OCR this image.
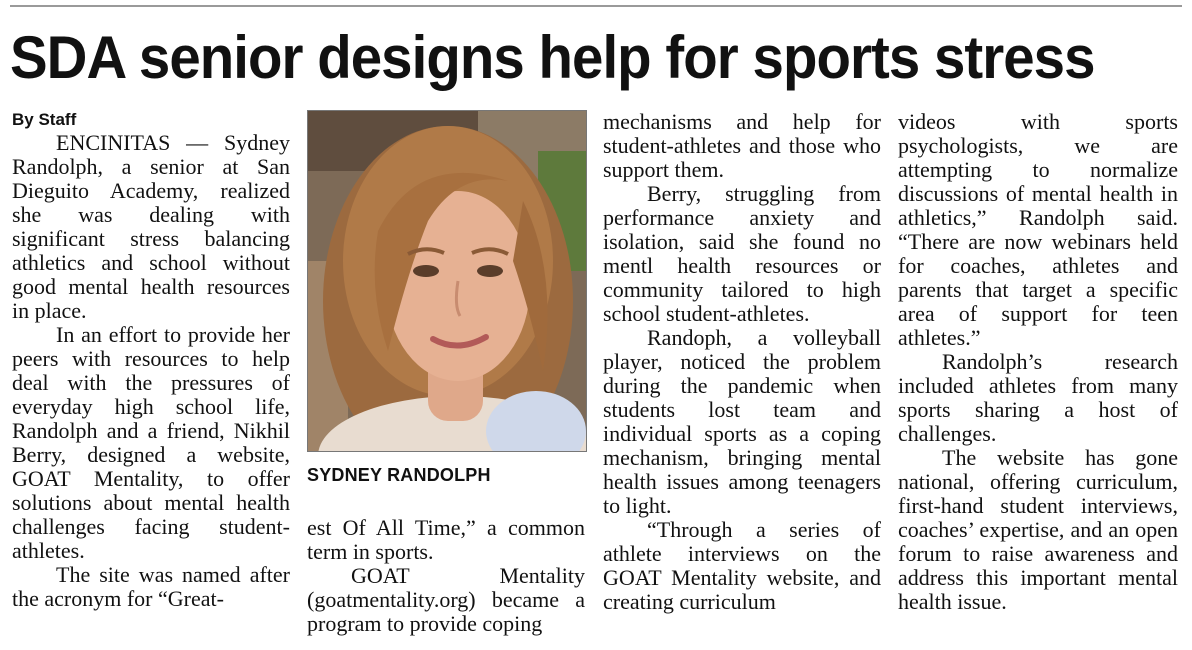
SDA senior designs help for sports stress
By Staff

ENCINITAS — Sydney Randolph, a senior at San Dieguito Academy, realized she was dealing with significant stress balancing athletics and school without good mental health resources in place.

In an effort to provide her peers with resources to help deal with the pressures of everyday high school life, Randolph and a friend, Nikhil Berry, designed a website, GOAT Mentality, to offer solutions about mental health challenges facing student-athletes.

The site was named after the acronym for “Great-

SYDNEY RANDOLPH

est Of All Time,” a common term in sports.

GOAT Mentality (goatmentality.org) became a program to provide coping

mechanisms and help for student-athletes and those who support them.

Berry, struggling from performance anxiety and isolation, said she found no mentl health resources or community tailored to high school student-athletes.

Randoph, a volleyball player, noticed the problem during the pandemic when students lost team and individual sports as a coping mechanism, bringing mental health issues among teenagers to light.

“Through a series of athlete interviews on the GOAT Mentality website, and creating curriculum

videos with sports psychologists, we are attempting to normalize discussions of mental health in athletics,” Randolph said. “There are now webinars held for coaches, athletes and parents that target a specific area of support for teen athletes.”

Randolph’s research included athletes from many sports sharing a host of challenges.

The website has gone national, offering curriculum, first-hand student interviews, coaches’ expertise, and an open forum to raise awareness and address this important mental health issue.
